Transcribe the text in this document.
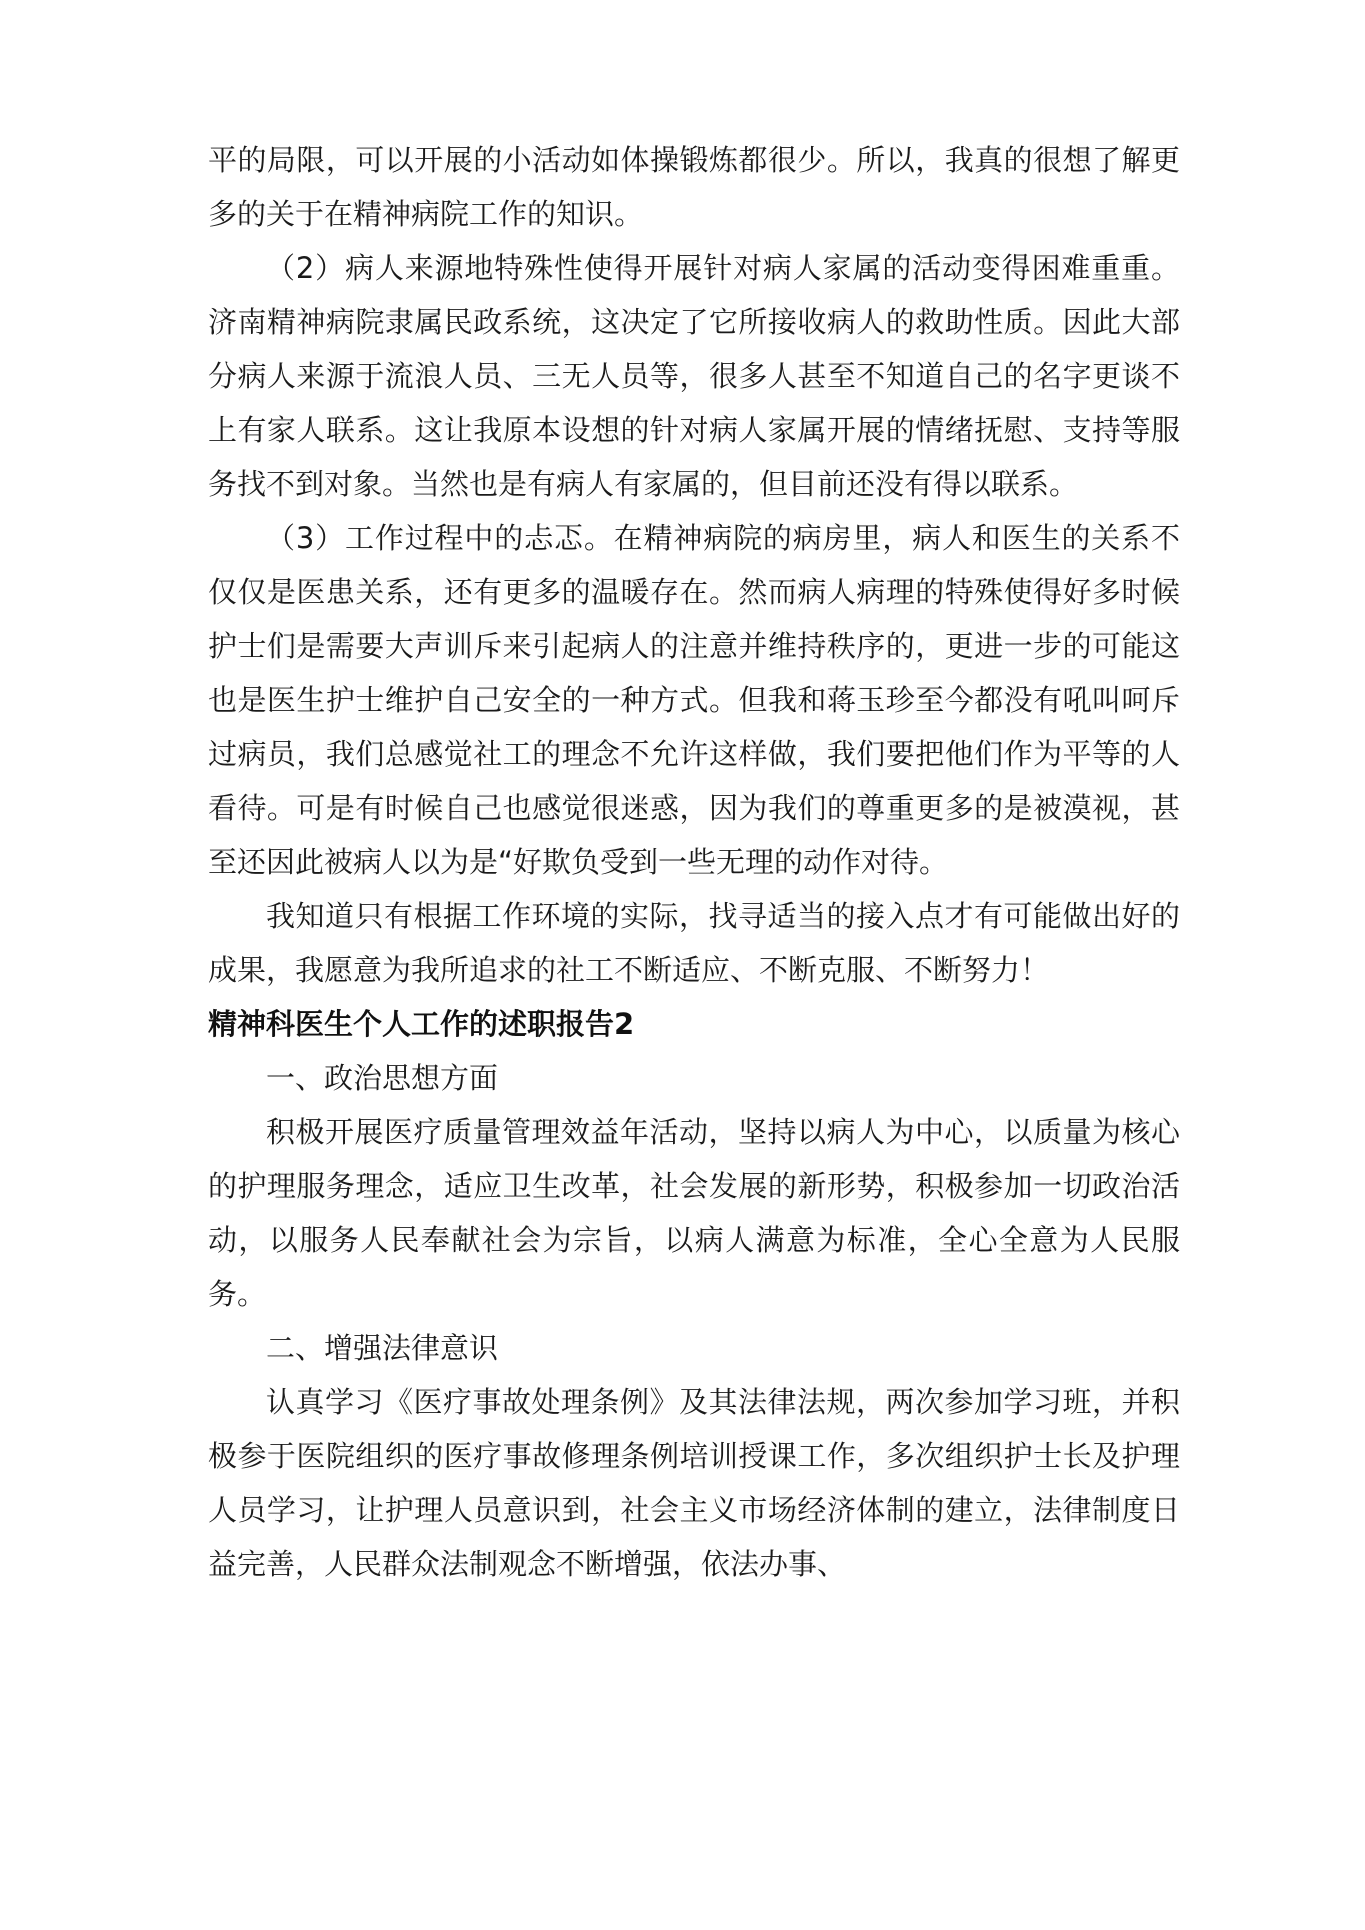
平的局限，可以开展的小活动如体操锻炼都很少。所以，我真的很想了解更多的关于在精神病院工作的知识。

（2）病人来源地特殊性使得开展针对病人家属的活动变得困难重重。济南精神病院隶属民政系统，这决定了它所接收病人的救助性质。因此大部分病人来源于流浪人员、三无人员等，很多人甚至不知道自己的名字更谈不上有家人联系。这让我原本设想的针对病人家属开展的情绪抚慰、支持等服务找不到对象。当然也是有病人有家属的，但目前还没有得以联系。

（3）工作过程中的忐忑。在精神病院的病房里，病人和医生的关系不仅仅是医患关系，还有更多的温暖存在。然而病人病理的特殊使得好多时候护士们是需要大声训斥来引起病人的注意并维持秩序的，更进一步的可能这也是医生护士维护自己安全的一种方式。但我和蒋玉珍至今都没有吼叫呵斥过病员，我们总感觉社工的理念不允许这样做，我们要把他们作为平等的人看待。可是有时候自己也感觉很迷惑，因为我们的尊重更多的是被漠视，甚至还因此被病人以为是“好欺负受到一些无理的动作对待。

我知道只有根据工作环境的实际，找寻适当的接入点才有可能做出好的成果，我愿意为我所追求的社工不断适应、不断克服、不断努力！

精神科医生个人工作的述职报告2

一、政治思想方面

积极开展医疗质量管理效益年活动，坚持以病人为中心，以质量为核心的护理服务理念，适应卫生改革，社会发展的新形势，积极参加一切政治活动，以服务人民奉献社会为宗旨，以病人满意为标准，全心全意为人民服务。

二、增强法律意识

认真学习《医疗事故处理条例》及其法律法规，两次参加学习班，并积极参于医院组织的医疗事故修理条例培训授课工作，多次组织护士长及护理人员学习，让护理人员意识到，社会主义市场经济体制的建立，法律制度日益完善，人民群众法制观念不断增强，依法办事、
